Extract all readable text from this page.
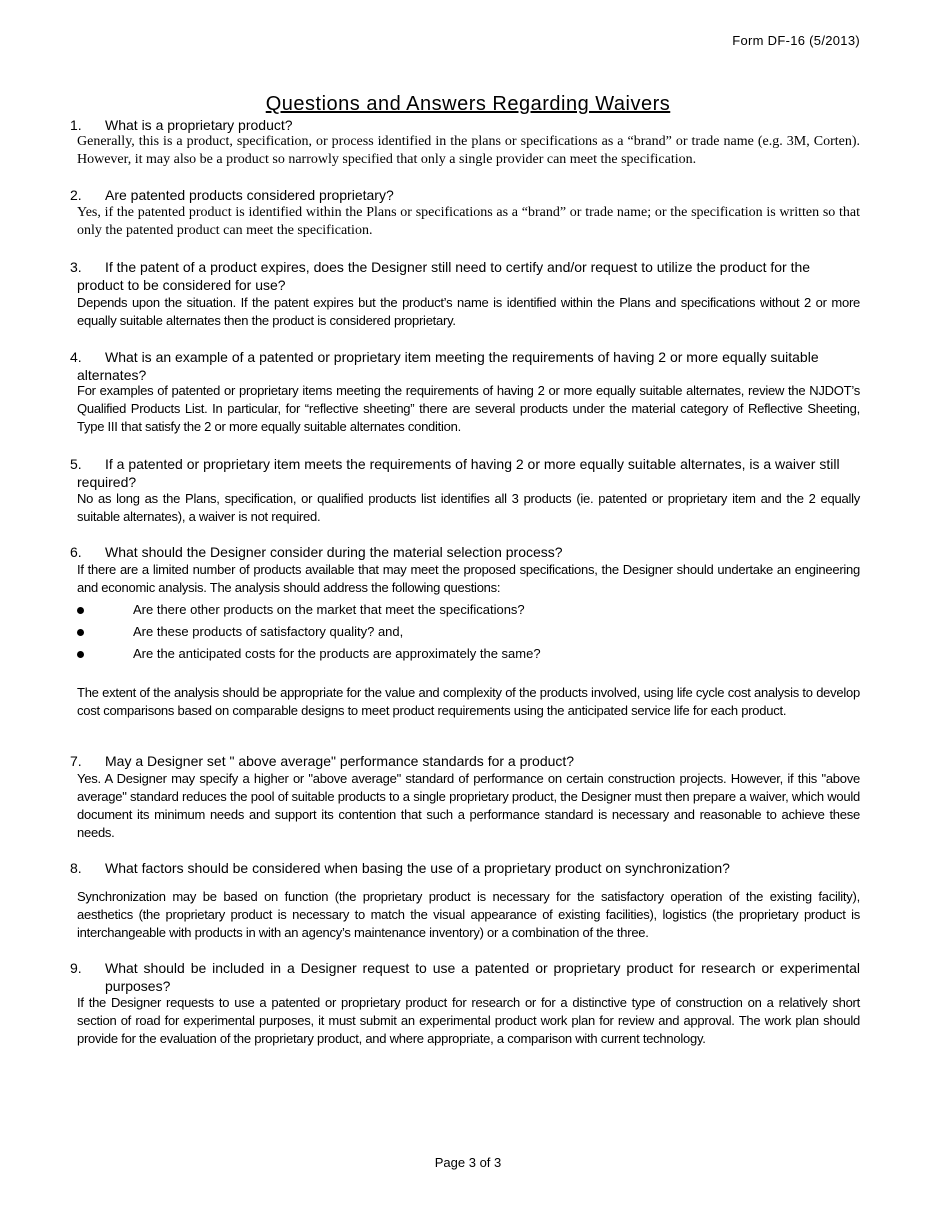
Form DF-16 (5/2013)
Questions and Answers Regarding Waivers
1. What is a proprietary product?
Generally, this is a product, specification, or process identified in the plans or specifications as a “brand” or trade name (e.g. 3M, Corten). However, it may also be a product so narrowly specified that only a single provider can meet the specification.
2. Are patented products considered proprietary?
Yes, if the patented product is identified within the Plans or specifications as a “brand” or trade name; or the specification is written so that only the patented product can meet the specification.
3. If the patent of a product expires, does the Designer still need to certify and/or request to utilize the product for the product to be considered for use?
Depends upon the situation. If the patent expires but the product’s name is identified within the Plans and specifications without 2 or more equally suitable alternates then the product is considered proprietary.
4. What is an example of a patented or proprietary item meeting the requirements of having 2 or more equally suitable alternates?
For examples of patented or proprietary items meeting the requirements of having 2 or more equally suitable alternates, review the NJDOT’s Qualified Products List. In particular, for “reflective sheeting” there are several products under the material category of Reflective Sheeting, Type III that satisfy the 2 or more equally suitable alternates condition.
5. If a patented or proprietary item meets the requirements of having 2 or more equally suitable alternates, is a waiver still required?
No as long as the Plans, specification, or qualified products list identifies all 3 products (ie. patented or proprietary item and the 2 equally suitable alternates), a waiver is not required.
6. What should the Designer consider during the material selection process?
If there are a limited number of products available that may meet the proposed specifications, the Designer should undertake an engineering and economic analysis. The analysis should address the following questions:
Are there other products on the market that meet the specifications?
Are these products of satisfactory quality? and,
Are the anticipated costs for the products are approximately the same?
The extent of the analysis should be appropriate for the value and complexity of the products involved, using life cycle cost analysis to develop cost comparisons based on comparable designs to meet product requirements using the anticipated service life for each product.
7. May a Designer set " above average" performance standards for a product?
Yes. A Designer may specify a higher or "above average" standard of performance on certain construction projects. However, if this "above average" standard reduces the pool of suitable products to a single proprietary product, the Designer must then prepare a waiver, which would document its minimum needs and support its contention that such a performance standard is necessary and reasonable to achieve these needs.
8. What factors should be considered when basing the use of a proprietary product on synchronization?
Synchronization may be based on function (the proprietary product is necessary for the satisfactory operation of the existing facility), aesthetics (the proprietary product is necessary to match the visual appearance of existing facilities), logistics (the proprietary product is interchangeable with products in with an agency’s maintenance inventory) or a combination of the three.
9.	What should be included in a Designer request to use a patented or proprietary product for research or experimental purposes?
If the Designer requests to use a patented or proprietary product for research or for a distinctive type of construction on a relatively short section of road for experimental purposes, it must submit an experimental product work plan for review and approval. The work plan should provide for the evaluation of the proprietary product, and where appropriate, a comparison with current technology.
Page 3 of 3
